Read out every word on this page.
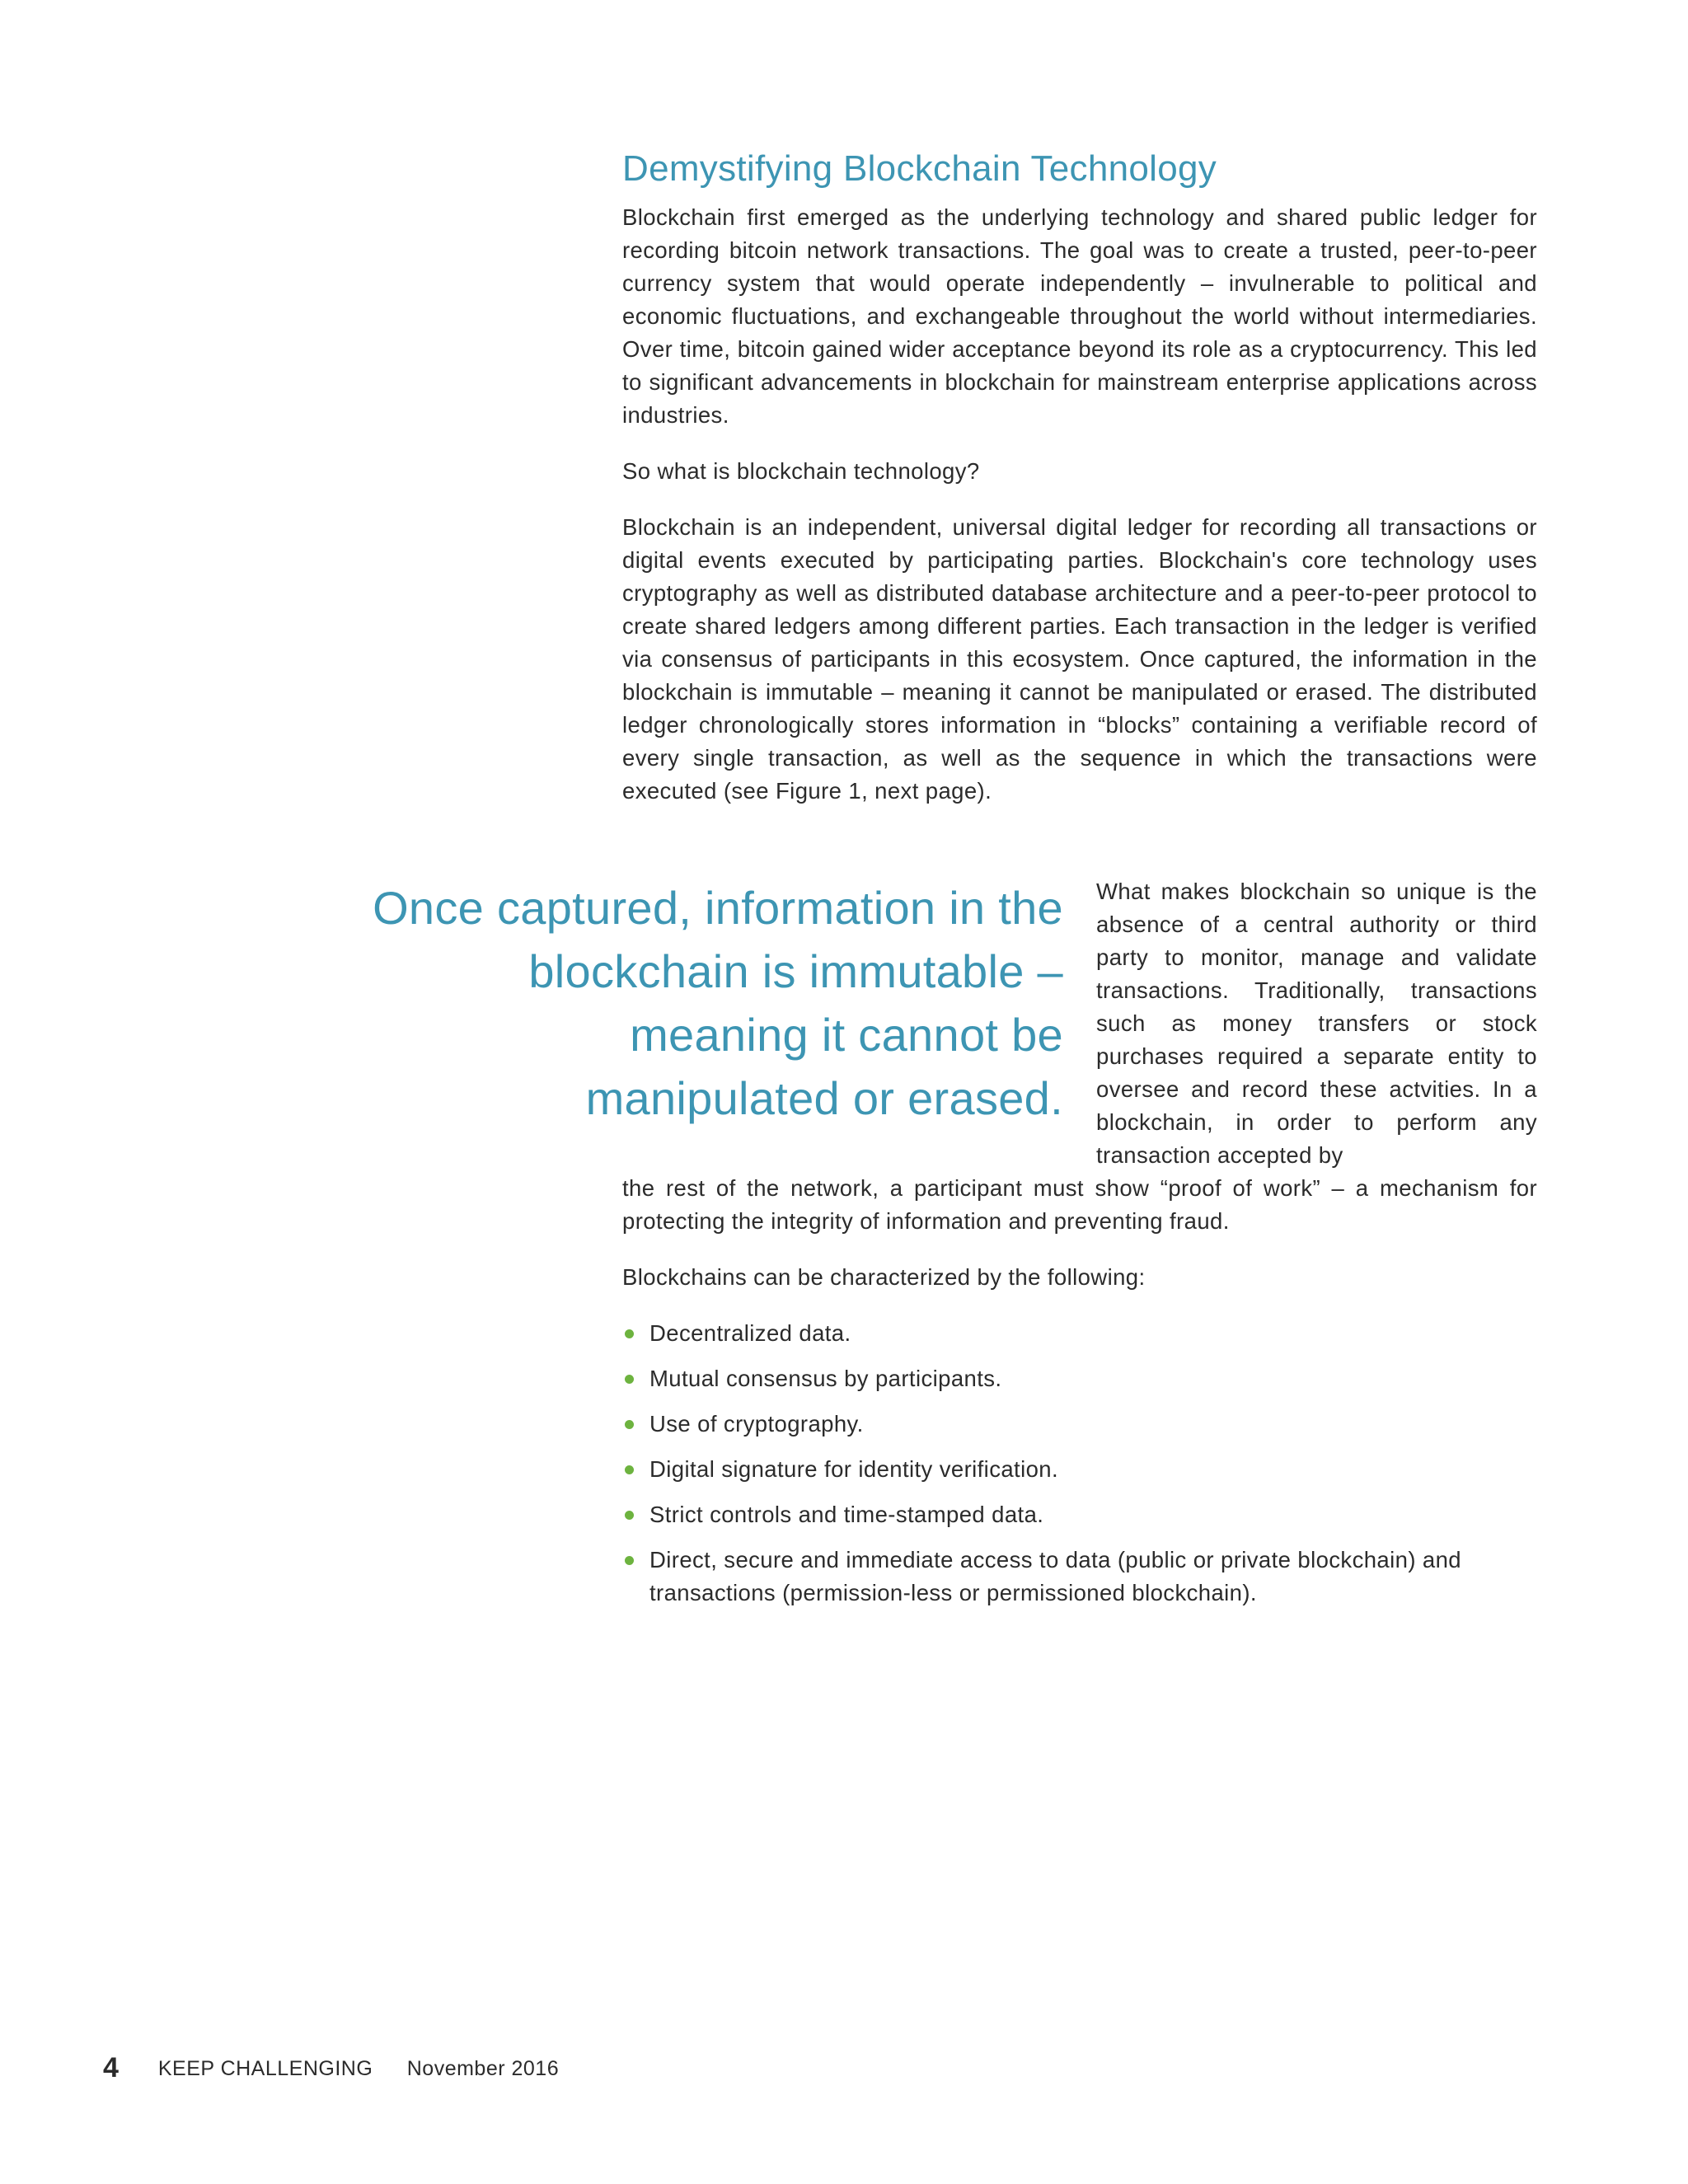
Demystifying Blockchain Technology

Blockchain first emerged as the underlying technology and shared public ledger for recording bitcoin network transactions. The goal was to create a trusted, peer-to-peer currency system that would operate independently – invulnerable to political and economic fluctuations, and exchangeable throughout the world without intermediaries. Over time, bitcoin gained wider acceptance beyond its role as a cryptocurrency. This led to significant advancements in blockchain for mainstream enterprise applications across industries.

So what is blockchain technology?

Blockchain is an independent, universal digital ledger for recording all transactions or digital events executed by participating parties. Blockchain's core technology uses cryptography as well as distributed database architecture and a peer-to-peer protocol to create shared ledgers among different parties. Each transaction in the ledger is verified via consensus of participants in this ecosystem. Once captured, the information in the blockchain is immutable – meaning it cannot be manipulated or erased. The distributed ledger chronologically stores information in “blocks” containing a verifiable record of every single transaction, as well as the sequence in which the transactions were executed (see Figure 1, next page).

Once captured, information in the blockchain is immutable – meaning it cannot be manipulated or erased.

What makes blockchain so unique is the absence of a central authority or third party to monitor, manage and validate transactions. Traditionally, transactions such as money transfers or stock purchases required a separate entity to oversee and record these actvities. In a blockchain, in order to perform any transaction accepted by

the rest of the network, a participant must show “proof of work” – a mechanism for protecting the integrity of information and preventing fraud.

Blockchains can be characterized by the following:

Decentralized data.
Mutual consensus by participants.
Use of cryptography.
Digital signature for identity verification.
Strict controls and time-stamped data.
Direct, secure and immediate access to data (public or private blockchain) and transactions (permission-less or permissioned blockchain).
4 KEEP CHALLENGING November 2016
